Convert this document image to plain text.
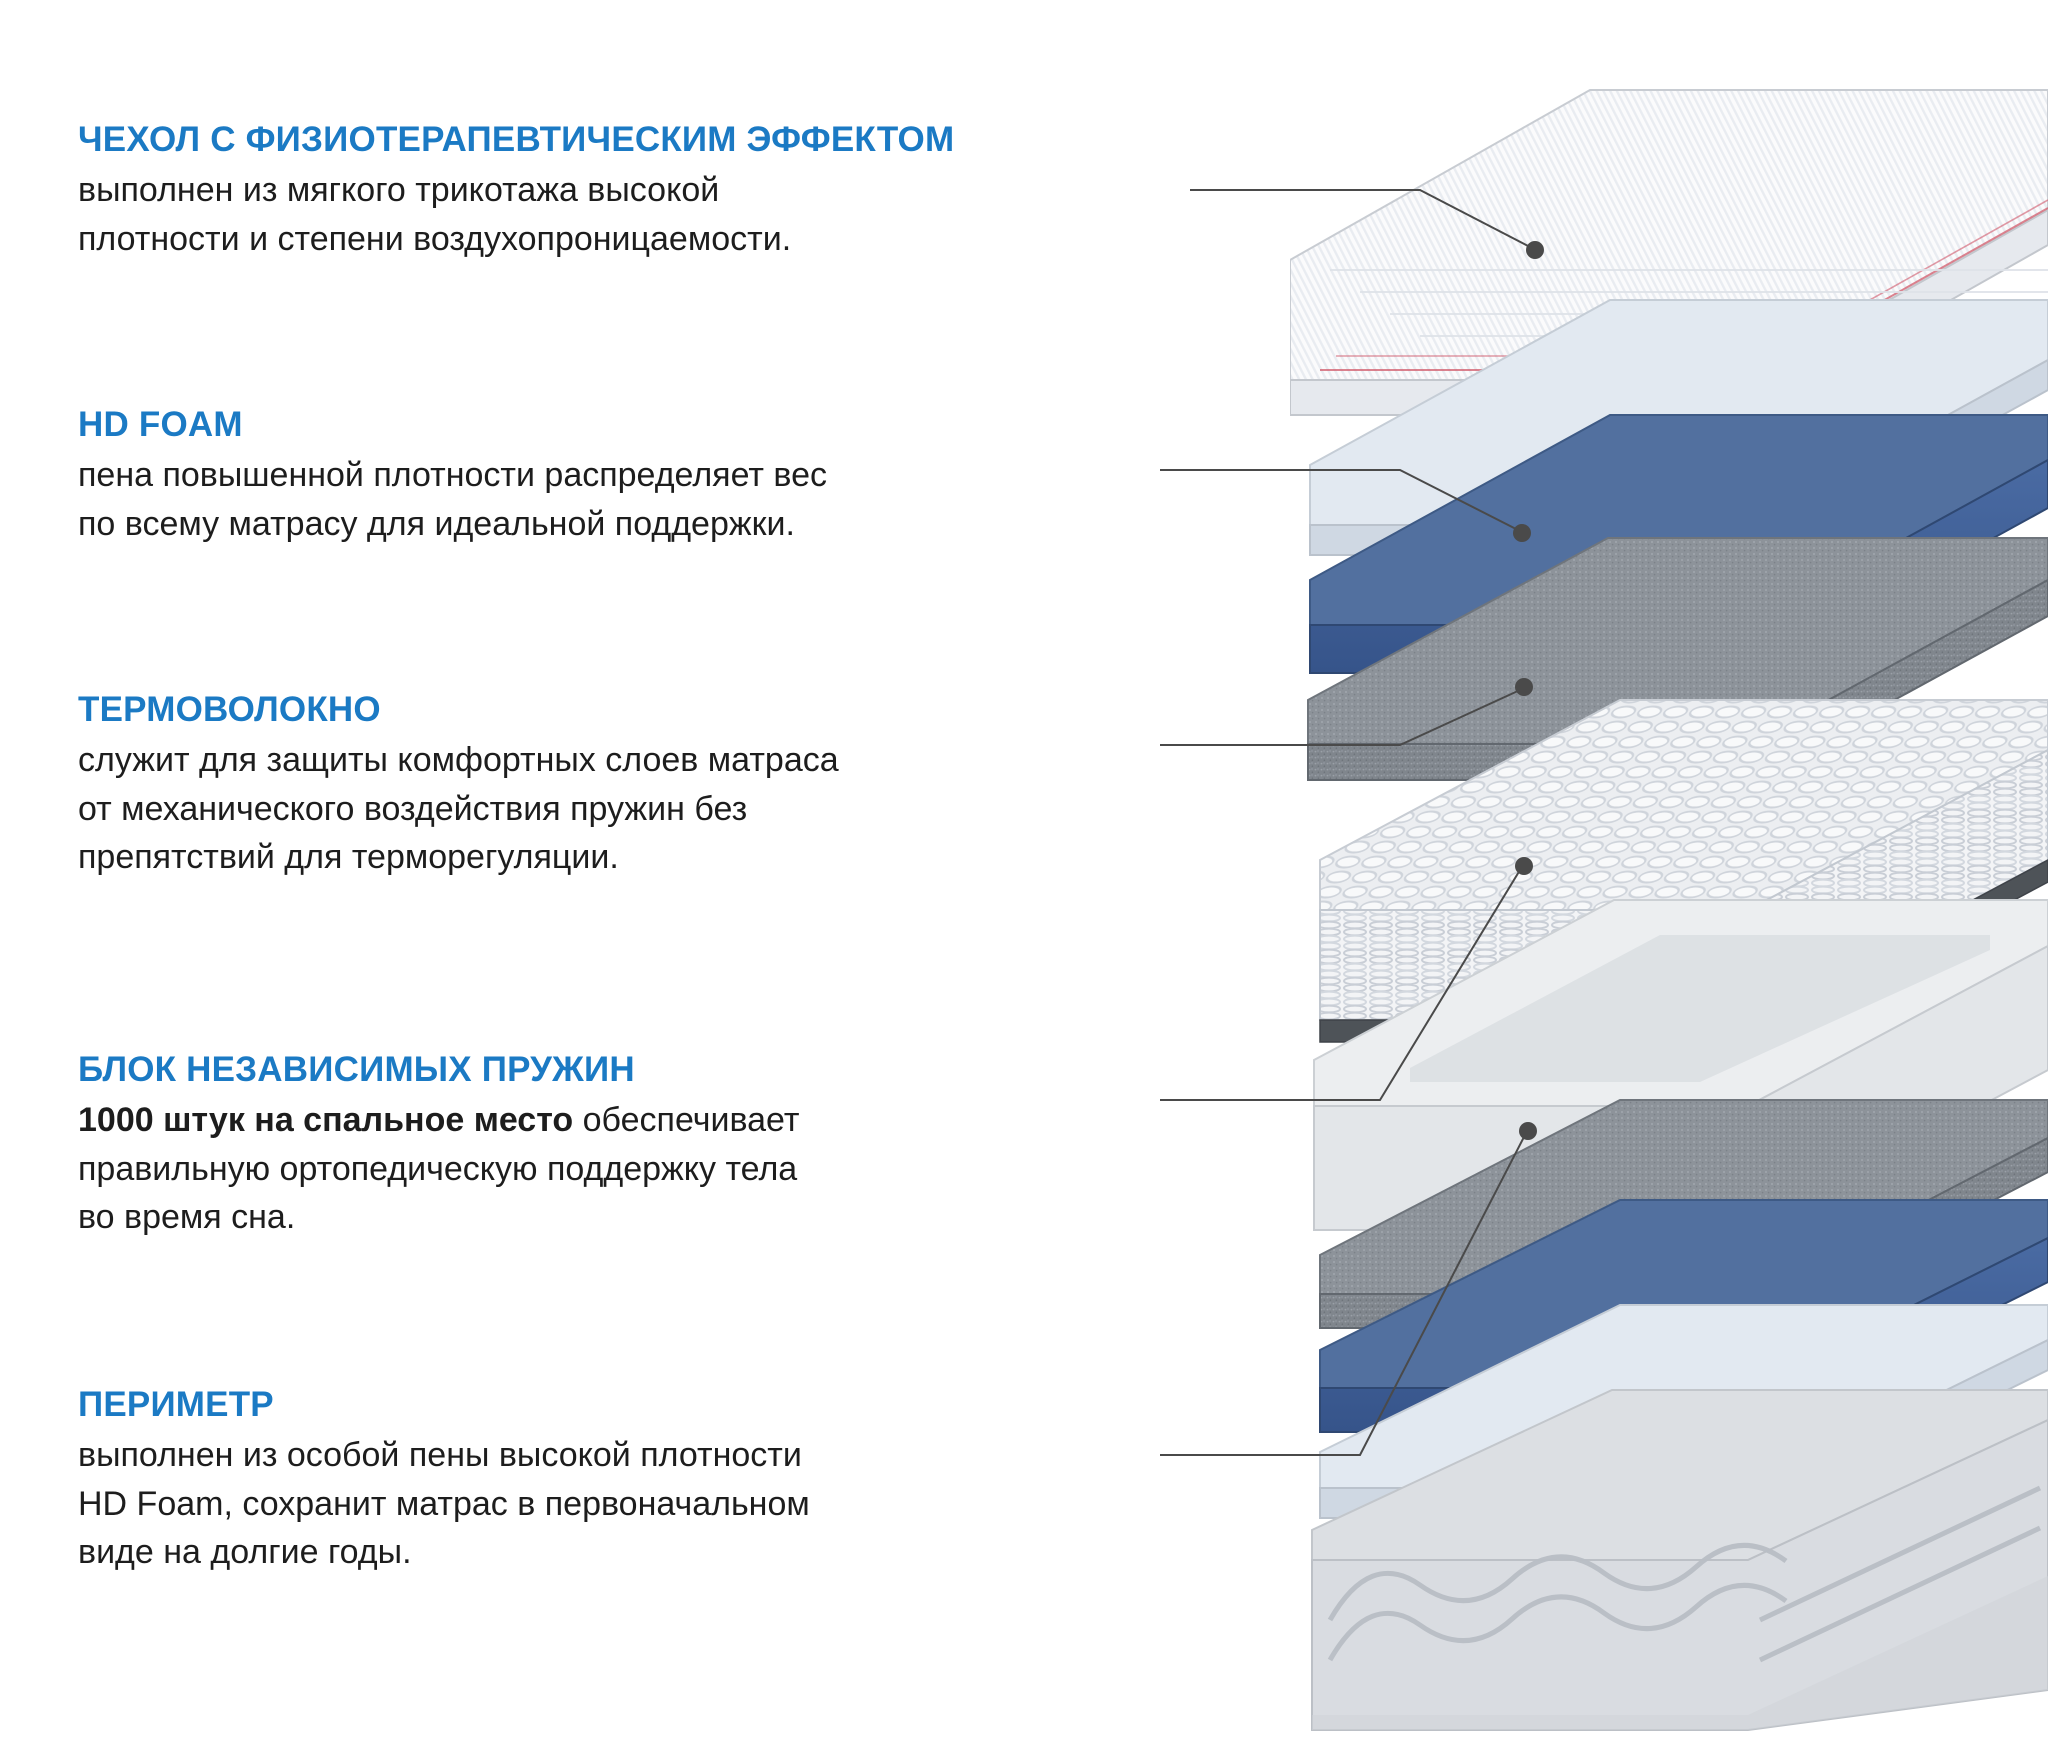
ЧЕХОЛ С ФИЗИОТЕРАПЕВТИЧЕСКИМ ЭФФЕКТОМ

выполнен из мягкого трикотажа высокой
плотности и степени воздухопроницаемости.

HD FOAM

пена повышенной плотности распределяет вес
по всему матрасу для идеальной поддержки.

ТЕРМОВОЛОКНО

служит для защиты комфортных слоев матраса
от механического воздействия пружин без
препятствий для терморегуляции.

БЛОК НЕЗАВИСИМЫХ ПРУЖИН

1000 штук на спальное место обеспечивает
правильную ортопедическую поддержку тела
во время сна.

ПЕРИМЕТР

выполнен из особой пены высокой плотности
HD Foam, сохранит матрас в первоначальном
виде на долгие годы.
